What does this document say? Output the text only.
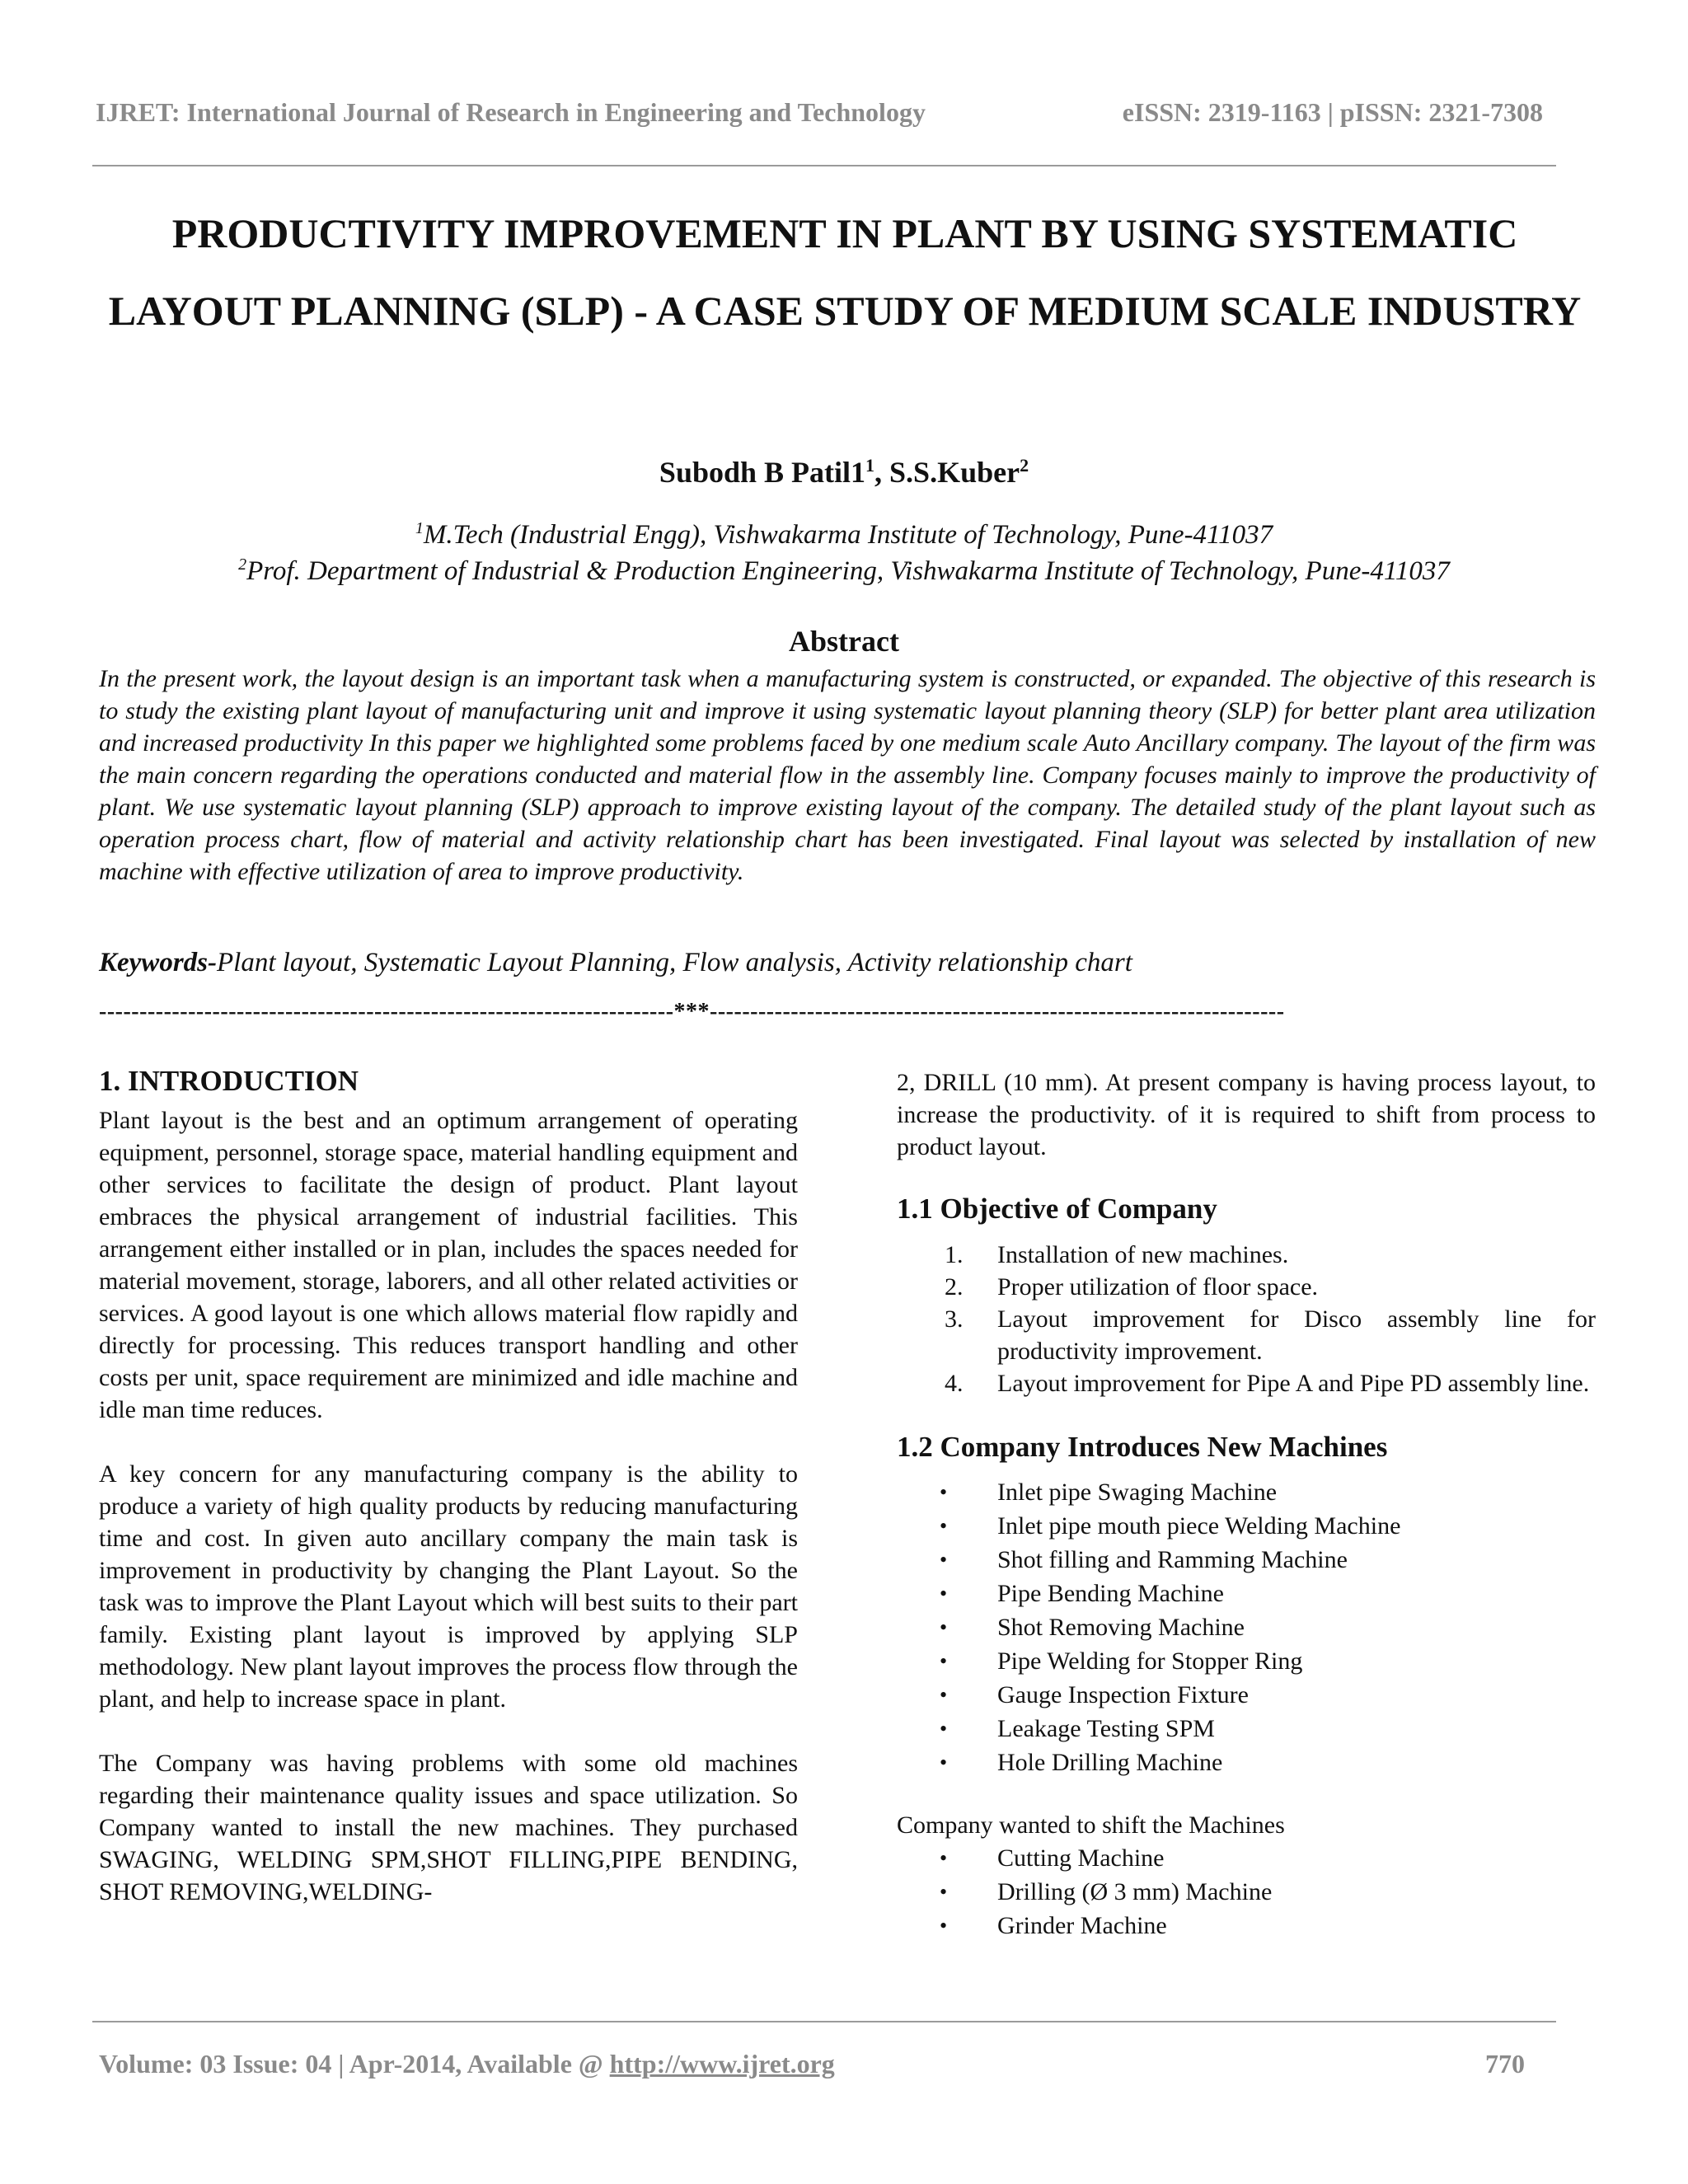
IJRET: International Journal of Research in Engineering and Technology	eISSN: 2319-1163 | pISSN: 2321-7308
PRODUCTIVITY IMPROVEMENT IN PLANT BY USING SYSTEMATIC LAYOUT PLANNING (SLP) - A CASE STUDY OF MEDIUM SCALE INDUSTRY
Subodh B $Patil1^1$, S.S.Kuber$^2$
$^1$M.Tech (Industrial Engg), Vishwakarma Institute of Technology, Pune-411037
$^2$Prof. Department of Industrial & Production Engineering, Vishwakarma Institute of Technology, Pune-411037
Abstract
In the present work, the layout design is an important task when a manufacturing system is constructed, or expanded. The objective of this research is to study the existing plant layout of manufacturing unit and improve it using systematic layout planning theory (SLP) for better plant area utilization and increased productivity In this paper we highlighted some problems faced by one medium scale Auto Ancillary company. The layout of the firm was the main concern regarding the operations conducted and material flow in the assembly line. Company focuses mainly to improve the productivity of plant. We use systematic layout planning (SLP) approach to improve existing layout of the company. The detailed study of the plant layout such as operation process chart, flow of material and activity relationship chart has been investigated. Final layout was selected by installation of new machine with effective utilization of area to improve productivity.
Keywords-Plant layout, Systematic Layout Planning, Flow analysis, Activity relationship chart
-----------------------------------------------------------------------***-----------------------------------------------------------------------
1. INTRODUCTION

Plant layout is the best and an optimum arrangement of operating equipment, personnel, storage space, material handling equipment and other services to facilitate the design of product. Plant layout embraces the physical arrangement of industrial facilities. This arrangement either installed or in plan, includes the spaces needed for material movement, storage, laborers, and all other related activities or services. A good layout is one which allows material flow rapidly and directly for processing. This reduces transport handling and other costs per unit, space requirement are minimized and idle machine and idle man time reduces.

A key concern for any manufacturing company is the ability to produce a variety of high quality products by reducing manufacturing time and cost. In given auto ancillary company the main task is improvement in productivity by changing the Plant Layout. So the task was to improve the Plant Layout which will best suits to their part family. Existing plant layout is improved by applying SLP methodology. New plant layout improves the process flow through the plant, and help to increase space in plant.

The Company was having problems with some old machines regarding their maintenance quality issues and space utilization. So Company wanted to install the new machines. They purchased SWAGING, WELDING SPM,SHOT FILLING,PIPE BENDING, SHOT REMOVING,WELDING-

2, DRILL (10 mm). At present company is having process layout, to increase the productivity. of it is required to shift from process to product layout.

1.1 Objective of Company
1. Installation of new machines.
2. Proper utilization of floor space.
3. Layout improvement for Disco assembly line for productivity improvement.
4. Layout improvement for Pipe A and Pipe PD assembly line.
1.2 Company Introduces New Machines
• Inlet pipe Swaging Machine
• Inlet pipe mouth piece Welding Machine
• Shot filling and Ramming Machine
• Pipe Bending Machine
• Shot Removing Machine
• Pipe Welding for Stopper Ring
• Gauge Inspection Fixture
• Leakage Testing SPM
• Hole Drilling Machine

Company wanted to shift the Machines

• Cutting Machine
• Drilling (Ø 3 mm) Machine
• Grinder Machine
Volume: 03 Issue: 04 | Apr-2014, Available @ http://www.ijret.org	770
